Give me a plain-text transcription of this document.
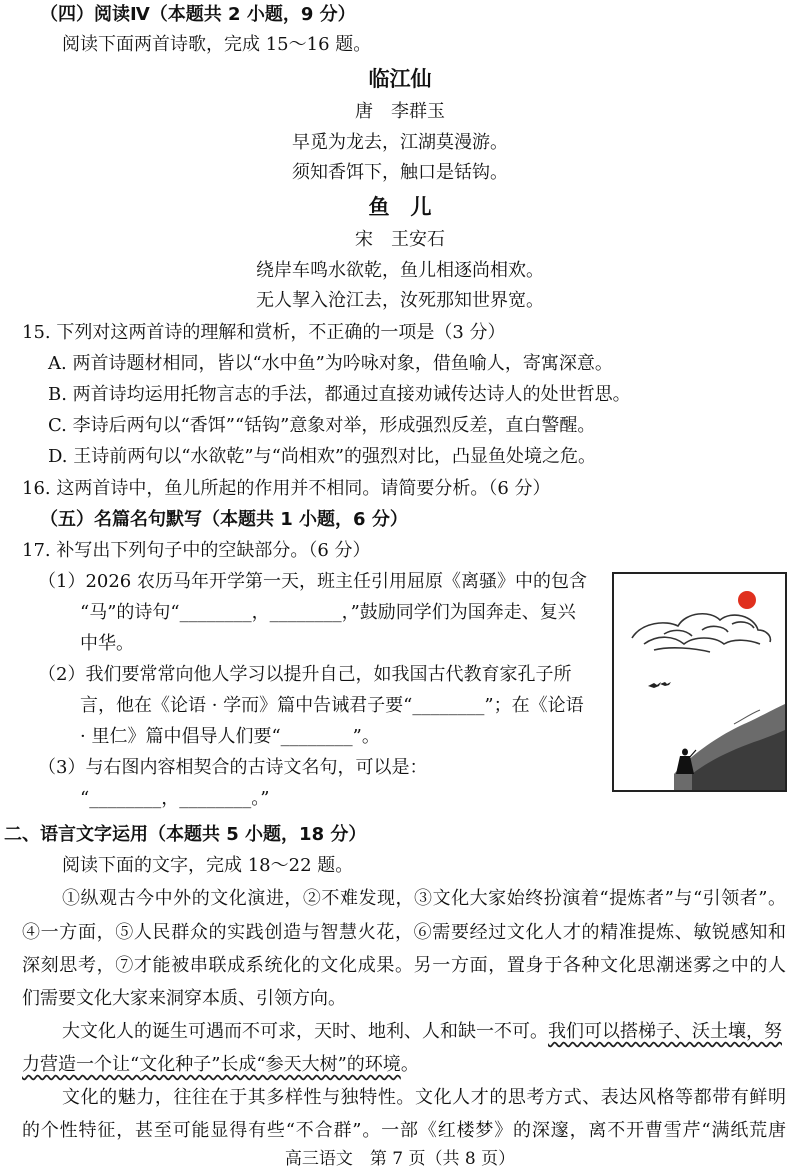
（四）阅读Ⅳ（本题共 2 小题，9 分）
阅读下面两首诗歌，完成 15～16 题。
临江仙
唐　李群玉
早觅为龙去，江湖莫漫游。
须知香饵下，触口是铦钩。
鱼　儿
宋　王安石
绕岸车鸣水欲乾，鱼儿相逐尚相欢。
无人挈入沧江去，汝死那知世界宽。
15. 下列对这两首诗的理解和赏析，不正确的一项是（3 分）
A. 两首诗题材相同，皆以“水中鱼”为吟咏对象，借鱼喻人，寄寓深意。
B. 两首诗均运用托物言志的手法，都通过直接劝诫传达诗人的处世哲思。
C. 李诗后两句以“香饵”“铦钩”意象对举，形成强烈反差，直白警醒。
D. 王诗前两句以“水欲乾”与“尚相欢”的强烈对比，凸显鱼处境之危。
16. 这两首诗中，鱼儿所起的作用并不相同。请简要分析。（6 分）
（五）名篇名句默写（本题共 1 小题，6 分）
17. 补写出下列句子中的空缺部分。（6 分）
（1）2026 农历马年开学第一天，班主任引用屈原《离骚》中的包含
“马”的诗句“________，________，”鼓励同学们为国奔走、复兴
中华。
（2）我们要常常向他人学习以提升自己，如我国古代教育家孔子所
言，他在《论语 · 学而》篇中告诫君子要“________”；在《论语
· 里仁》篇中倡导人们要“________”。
（3）与右图内容相契合的古诗文名句，可以是：
“________，________。”
二、语言文字运用（本题共 5 小题，18 分）
阅读下面的文字，完成 18～22 题。
①纵观古今中外的文化演进，②不难发现，③文化大家始终扮演着“提炼者”与“引领者”。
④一方面，⑤人民群众的实践创造与智慧火花，⑥需要经过文化人才的精准提炼、敏锐感知和
深刻思考，⑦才能被串联成系统化的文化成果。另一方面，置身于各种文化思潮迷雾之中的人
们需要文化大家来洞穿本质、引领方向。
大文化人的诞生可遇而不可求，天时、地利、人和缺一不可。我们可以搭梯子、沃土壤，努
力营造一个让“文化种子”长成“参天大树”的环境。
文化的魅力，往往在于其多样性与独特性。文化人才的思考方式、表达风格等都带有鲜明
的个性特征，甚至可能显得有些“不合群”。一部《红楼梦》的深邃，离不开曹雪芹“满纸荒唐
高三语文　第 7 页（共 8 页）
